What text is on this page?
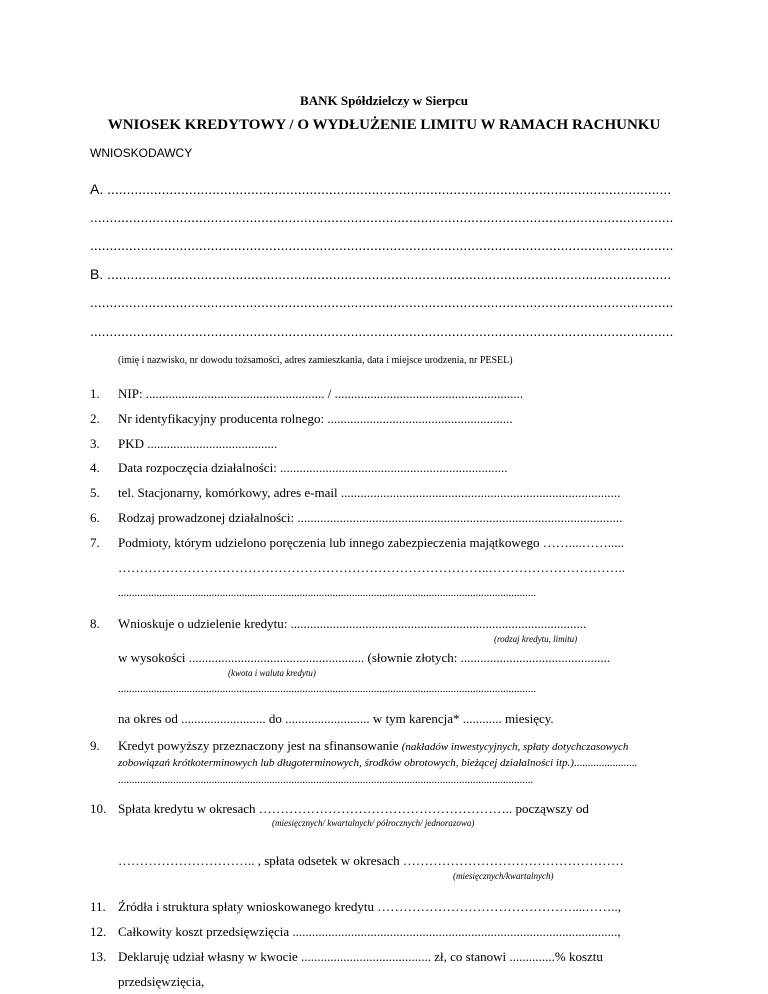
BANK Spółdzielczy w Sierpcu
WNIOSEK KREDYTOWY / O WYDŁUŻENIE LIMITU W RAMACH RACHUNKU
WNIOSKODAWCY
A. .................................................................................................................................................
......................................................................................................................................................
......................................................................................................................................................
B. .................................................................................................................................................
......................................................................................................................................................
......................................................................................................................................................
(imię i nazwisko, nr dowodu tożsamości, adres zamieszkania, data i miejsce urodzenia, nr PESEL)
1. NIP: ....................................................... / ..........................................................
2. Nr identyfikacyjny producenta rolnego: .........................................................
3. PKD ........................................
4. Data rozpoczęcia działalności: ......................................................................
5. tel. Stacjonarny, komórkowy, adres e-mail ......................................................................................
6. Rodzaj prowadzonej działalności: ....................................................................................................
7. Podmioty, którym udzielono poręczenia lub innego zabezpieczenia majątkowego ……....…….....
…………………………………………………………………………..…………………………..
........................................................................................................................................................
8. Wnioskuje o udzielenie kredytu: ...........................................................................................
(rodzaj kredytu, limitu)
w wysokości ...................................................... (słownie złotych: ..............................................
(kwota i waluta kredytu)
........................................................................................................................................................
na okres od .......................... do .......................... w tym karencja* ............ miesięcy.
9. Kredyt powyższy przeznaczony jest na sfinansowanie (nakładów inwestycyjnych, spłaty dotychczasowych
zobowiązań krótkoterminowych lub długoterminowych, środków obrotowych, bieżącej działalności itp.).......................
.......................................................................................................................................................
10. Spłata kredytu w okresach ………………………………………………….. począwszy od
(miesięcznych/ kwartalnych/ półrocznych/ jednorazowa)
………………………….. , spłata odsetek w okresach ……………………………………………
(miesięcznych/kwartalnych)
11. Źródła i struktura spłaty wnioskowanego kredytu ………………………………………....……..,
12. Całkowity koszt przedsięwzięcia ....................................................................................................,
13. Deklaruję udział własny w kwocie ........................................ zł, co stanowi ..............% kosztu
przedsięwzięcia,
